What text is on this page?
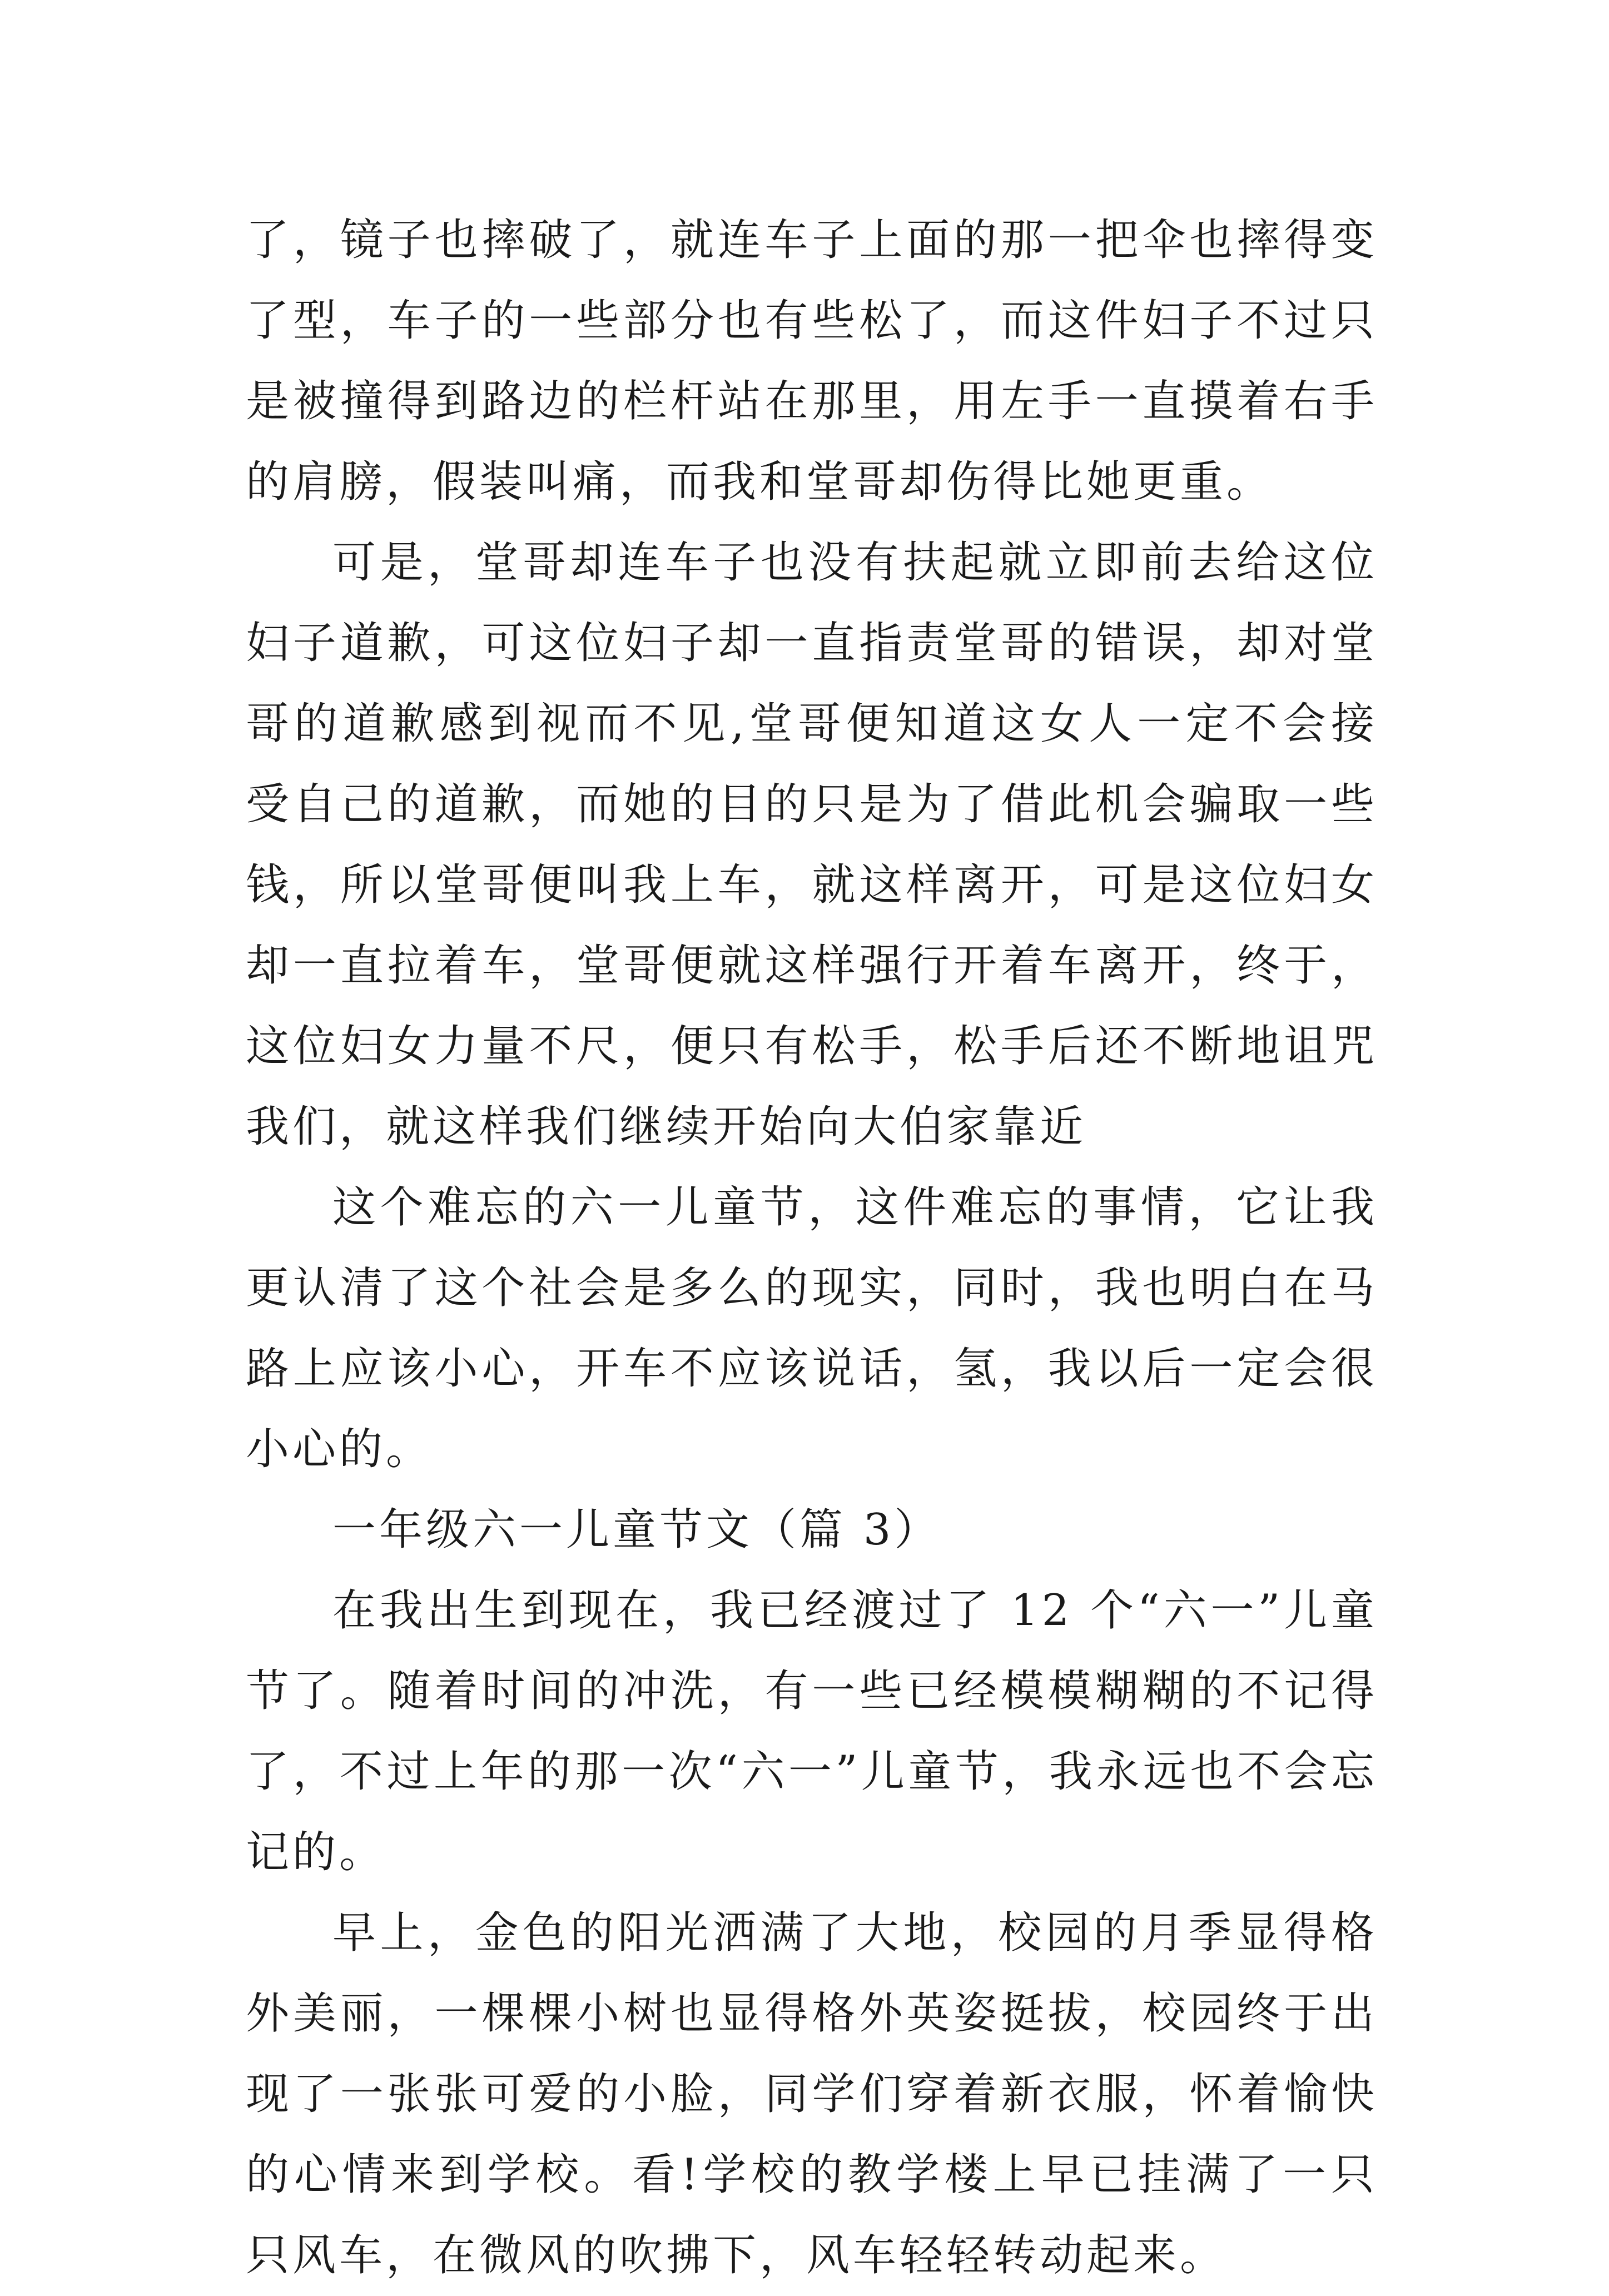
了，镜子也摔破了，就连车子上面的那一把伞也摔得变了型，车子的一些部分也有些松了，而这件妇子不过只是被撞得到路边的栏杆站在那里，用左手一直摸着右手的肩膀，假装叫痛，而我和堂哥却伤得比她更重。

可是，堂哥却连车子也没有扶起就立即前去给这位妇子道歉，可这位妇子却一直指责堂哥的错误，却对堂哥的道歉感到视而不见,堂哥便知道这女人一定不会接受自己的道歉，而她的目的只是为了借此机会骗取一些钱，所以堂哥便叫我上车，就这样离开，可是这位妇女却一直拉着车，堂哥便就这样强行开着车离开，终于，这位妇女力量不尺，便只有松手，松手后还不断地诅咒我们，就这样我们继续开始向大伯家靠近

这个难忘的六一儿童节，这件难忘的事情，它让我更认清了这个社会是多么的现实，同时，我也明白在马路上应该小心，开车不应该说话，氢，我以后一定会很小心的。

一年级六一儿童节文（篇 3）

在我出生到现在，我已经渡过了 12 个“六一”儿童节了。随着时间的冲洗，有一些已经模模糊糊的不记得了，不过上年的那一次“六一”儿童节，我永远也不会忘记的。

早上，金色的阳光洒满了大地，校园的月季显得格外美丽，一棵棵小树也显得格外英姿挺拔，校园终于出现了一张张可爱的小脸，同学们穿着新衣服，怀着愉快的心情来到学校。看!学校的教学楼上早已挂满了一只只风车，在微风的吹拂下，风车轻轻转动起来。
